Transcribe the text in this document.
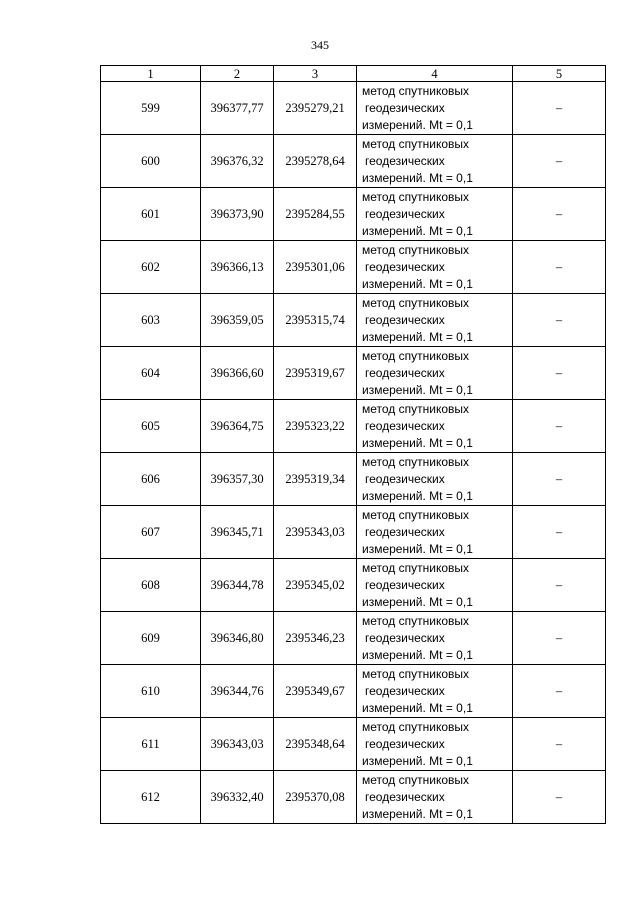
345
1	2	3	4	5
599	396377,77	2395279,21	метод спутниковых
геодезических
измерений. Mt = 0,1	–
600	396376,32	2395278,64	метод спутниковых
геодезических
измерений. Mt = 0,1	–
601	396373,90	2395284,55	метод спутниковых
геодезических
измерений. Mt = 0,1	–
602	396366,13	2395301,06	метод спутниковых
геодезических
измерений. Mt = 0,1	–
603	396359,05	2395315,74	метод спутниковых
геодезических
измерений. Mt = 0,1	–
604	396366,60	2395319,67	метод спутниковых
геодезических
измерений. Mt = 0,1	–
605	396364,75	2395323,22	метод спутниковых
геодезических
измерений. Mt = 0,1	–
606	396357,30	2395319,34	метод спутниковых
геодезических
измерений. Mt = 0,1	–
607	396345,71	2395343,03	метод спутниковых
геодезических
измерений. Mt = 0,1	–
608	396344,78	2395345,02	метод спутниковых
геодезических
измерений. Mt = 0,1	–
609	396346,80	2395346,23	метод спутниковых
геодезических
измерений. Mt = 0,1	–
610	396344,76	2395349,67	метод спутниковых
геодезических
измерений. Mt = 0,1	–
611	396343,03	2395348,64	метод спутниковых
геодезических
измерений. Mt = 0,1	–
612	396332,40	2395370,08	метод спутниковых
геодезических
измерений. Mt = 0,1	–
